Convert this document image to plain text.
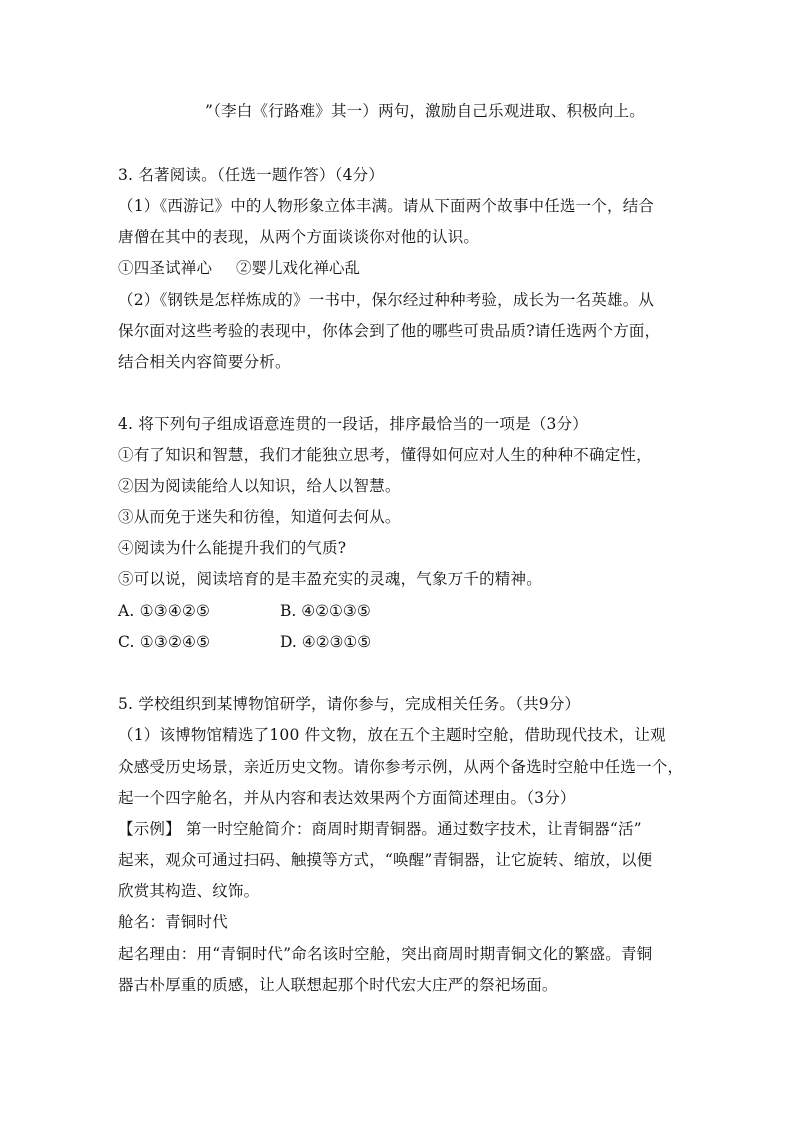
”（李白《行路难》其一）两句，激励自己乐观进取、积极向上。
3. 名著阅读。（任选一题作答）（4分）
（1）《西游记》中的人物形象立体丰满。请从下面两个故事中任选一个，结合
唐僧在其中的表现，从两个方面谈谈你对他的认识。
①四圣试禅心 ②婴儿戏化禅心乱
（2）《钢铁是怎样炼成的》一书中，保尔经过种种考验，成长为一名英雄。从
保尔面对这些考验的表现中，你体会到了他的哪些可贵品质?请任选两个方面，
结合相关内容简要分析。
4. 将下列句子组成语意连贯的一段话，排序最恰当的一项是（3分）
①有了知识和智慧，我们才能独立思考，懂得如何应对人生的种种不确定性，
②因为阅读能给人以知识，给人以智慧。
③从而免于迷失和彷徨，知道何去何从。
④阅读为什么能提升我们的气质?
⑤可以说，阅读培育的是丰盈充实的灵魂，气象万千的精神。
A. ①③④②⑤	B. ④②①③⑤
C. ①③②④⑤	D. ④②③①⑤
5. 学校组织到某博物馆研学，请你参与，完成相关任务。（共9分）
（1）该博物馆精选了100 件文物，放在五个主题时空舱，借助现代技术，让观
众感受历史场景，亲近历史文物。请你参考示例，从两个备选时空舱中任选一个，
起一个四字舱名，并从内容和表达效果两个方面简述理由。（3分）
【示例】 第一时空舱简介：商周时期青铜器。通过数字技术，让青铜器“活”
起来，观众可通过扫码、触摸等方式，“唤醒”青铜器，让它旋转、缩放，以便
欣赏其构造、纹饰。
舱名：青铜时代
起名理由：用“青铜时代”命名该时空舱，突出商周时期青铜文化的繁盛。青铜
器古朴厚重的质感，让人联想起那个时代宏大庄严的祭祀场面。
